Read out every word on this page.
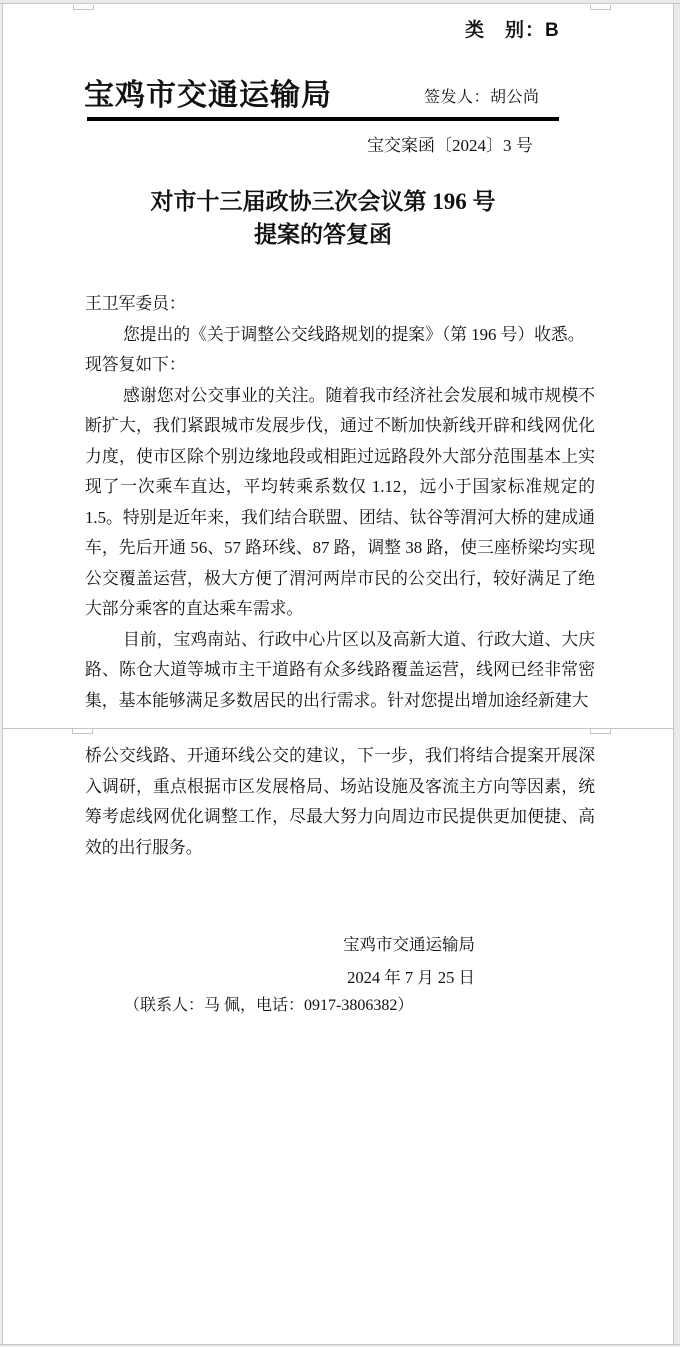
类　别：B
宝鸡市交通运输局	签发人：胡公尚
宝交案函〔2024〕3 号
对市十三届政协三次会议第 196 号
提案的答复函
王卫军委员：
您提出的《关于调整公交线路规划的提案》（第 196 号）收悉。
现答复如下：

感谢您对公交事业的关注。随着我市经济社会发展和城市规模不断扩大，我们紧跟城市发展步伐，通过不断加快新线开辟和线网优化力度，使市区除个别边缘地段或相距过远路段外大部分范围基本上实现了一次乘车直达，平均转乘系数仅 1.12，远小于国家标准规定的 1.5。特别是近年来，我们结合联盟、团结、钛谷等渭河大桥的建成通车，先后开通 56、57 路环线、87 路，调整 38 路，使三座桥梁均实现公交覆盖运营，极大方便了渭河两岸市民的公交出行，较好满足了绝大部分乘客的直达乘车需求。

目前，宝鸡南站、行政中心片区以及高新大道、行政大道、大庆路、陈仓大道等城市主干道路有众多线路覆盖运营，线网已经非常密集，基本能够满足多数居民的出行需求。针对您提出增加途经新建大

桥公交线路、开通环线公交的建议，下一步，我们将结合提案开展深入调研，重点根据市区发展格局、场站设施及客流主方向等因素，统筹考虑线网优化调整工作，尽最大努力向周边市民提供更加便捷、高效的出行服务。

宝鸡市交通运输局
2024 年 7 月 25 日
（联系人：马 佩，电话：0917-3806382）
